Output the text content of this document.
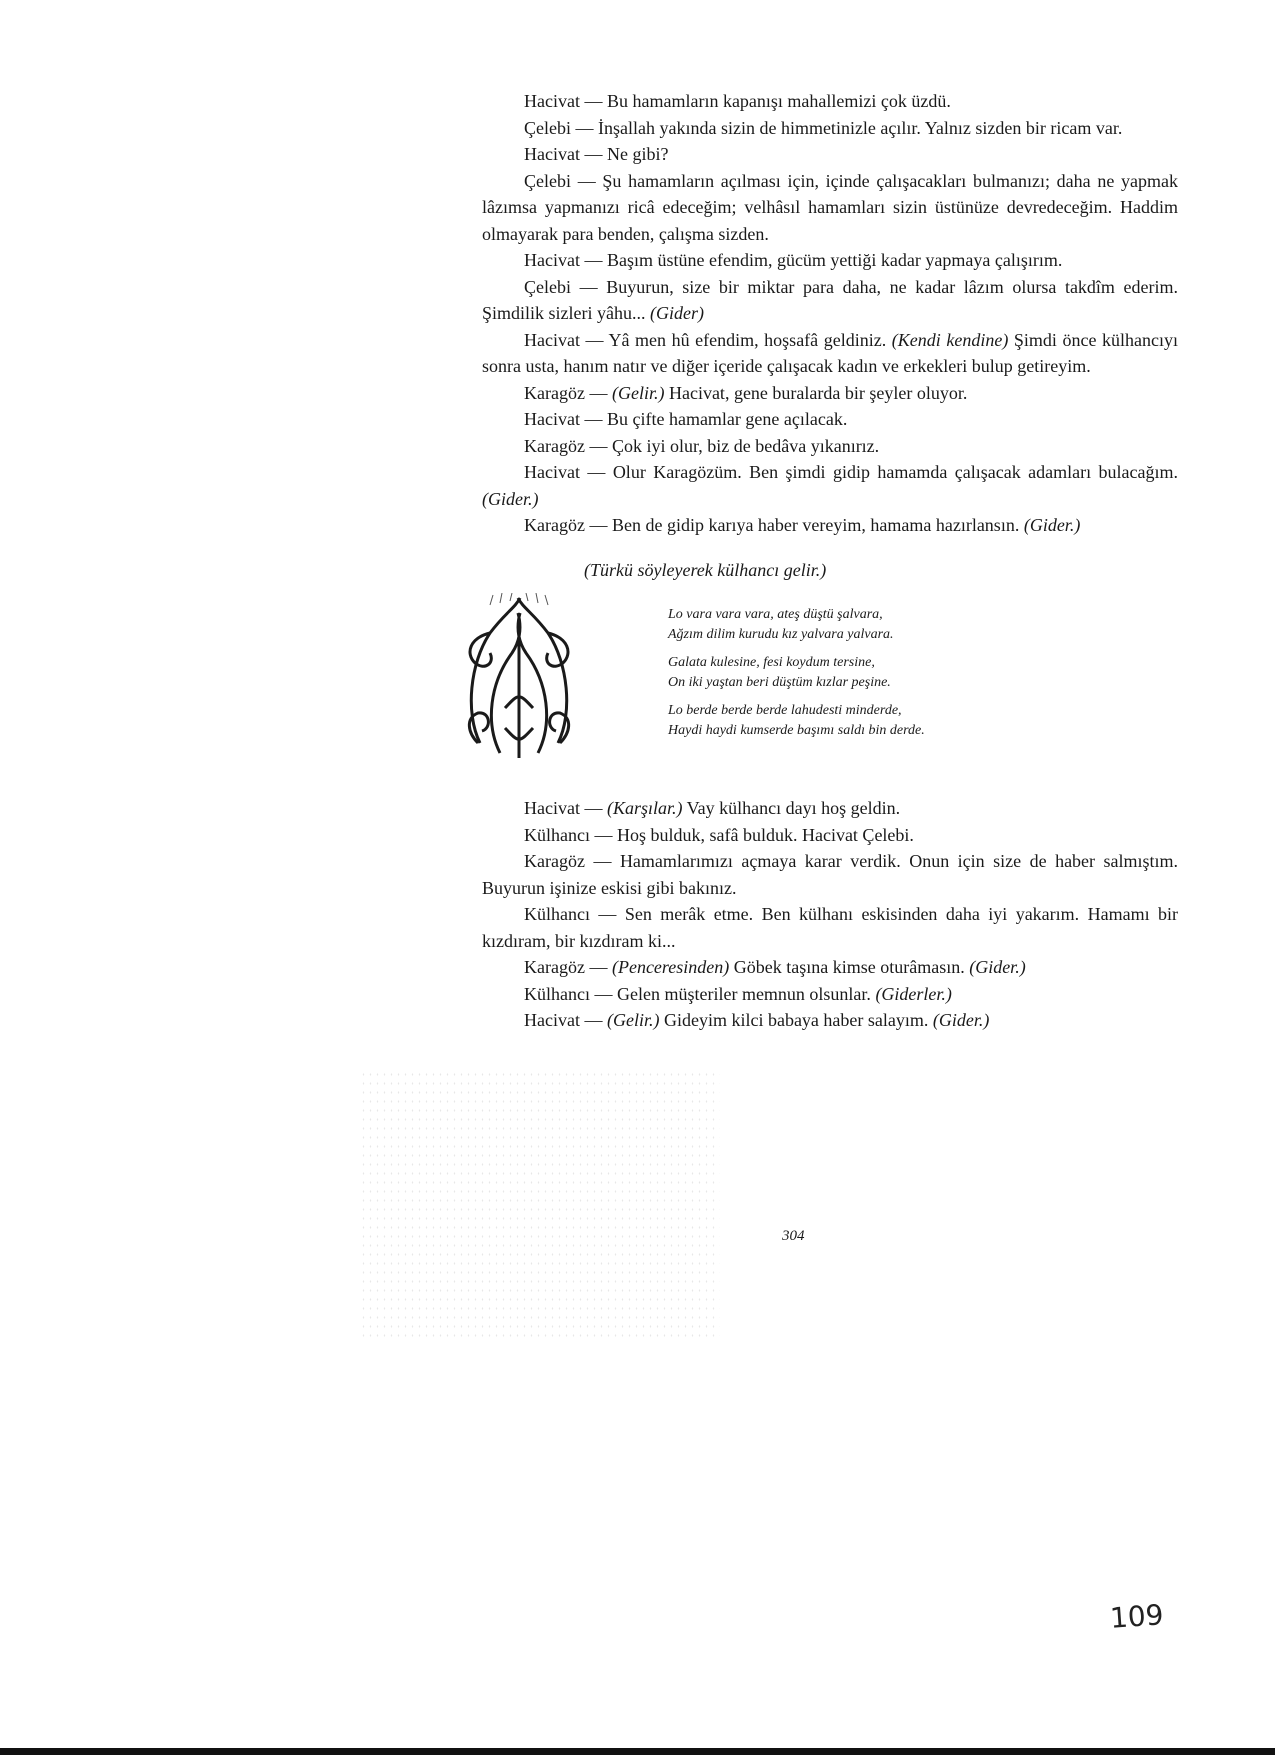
Hacivat — Bu hamamların kapanışı mahallemizi çok üzdü.

Çelebi — İnşallah yakında sizin de himmetinizle açılır. Yalnız sizden bir ricam var.

Hacivat — Ne gibi?

Çelebi — Şu hamamların açılması için, içinde çalışacakları bulmanızı; daha ne yapmak lâzımsa yapmanızı ricâ edeceğim; velhâsıl hamamları sizin üstünüze devredeceğim. Haddim olmayarak para benden, çalışma sizden.

Hacivat — Başım üstüne efendim, gücüm yettiği kadar yapmaya çalışırım.

Çelebi — Buyurun, size bir miktar para daha, ne kadar lâzım olursa takdîm ederim. Şimdilik sizleri yâhu... (Gider)

Hacivat — Yâ men hû efendim, hoşsafâ geldiniz. (Kendi kendine) Şimdi önce külhancıyı sonra usta, hanım natır ve diğer içeride çalışacak kadın ve erkekleri bulup getireyim.

Karagöz — (Gelir.) Hacivat, gene buralarda bir şeyler oluyor.

Hacivat — Bu çifte hamamlar gene açılacak.

Karagöz — Çok iyi olur, biz de bedâva yıkanırız.

Hacivat — Olur Karagözüm. Ben şimdi gidip hamamda çalışacak adamları bulacağım. (Gider.)

Karagöz — Ben de gidip karıya haber vereyim, hamama hazırlansın. (Gider.)

(Türkü söyleyerek külhancı gelir.)
Lo vara vara vara, ateş düştü şalvara,
Ağzım dilim kurudu kız yalvara yalvara.
Galata kulesine, fesi koydum tersine,
On iki yaştan beri düştüm kızlar peşine.
Lo berde berde berde lahudesti minderde,
Haydi haydi kumserde başımı saldı bin derde.

Hacivat — (Karşılar.) Vay külhancı dayı hoş geldin.

Külhancı — Hoş bulduk, safâ bulduk. Hacivat Çelebi.

Karagöz — Hamamlarımızı açmaya karar verdik. Onun için size de haber salmıştım. Buyurun işinize eskisi gibi bakınız.

Külhancı — Sen merâk etme. Ben külhanı eskisinden daha iyi yakarım. Hamamı bir kızdıram, bir kızdıram ki...

Karagöz — (Penceresinden) Göbek taşına kimse oturâmasın. (Gider.)

Külhancı — Gelen müşteriler memnun olsunlar. (Giderler.)

Hacivat — (Gelir.) Gideyim kilci babaya haber salayım. (Gider.)

304
109
